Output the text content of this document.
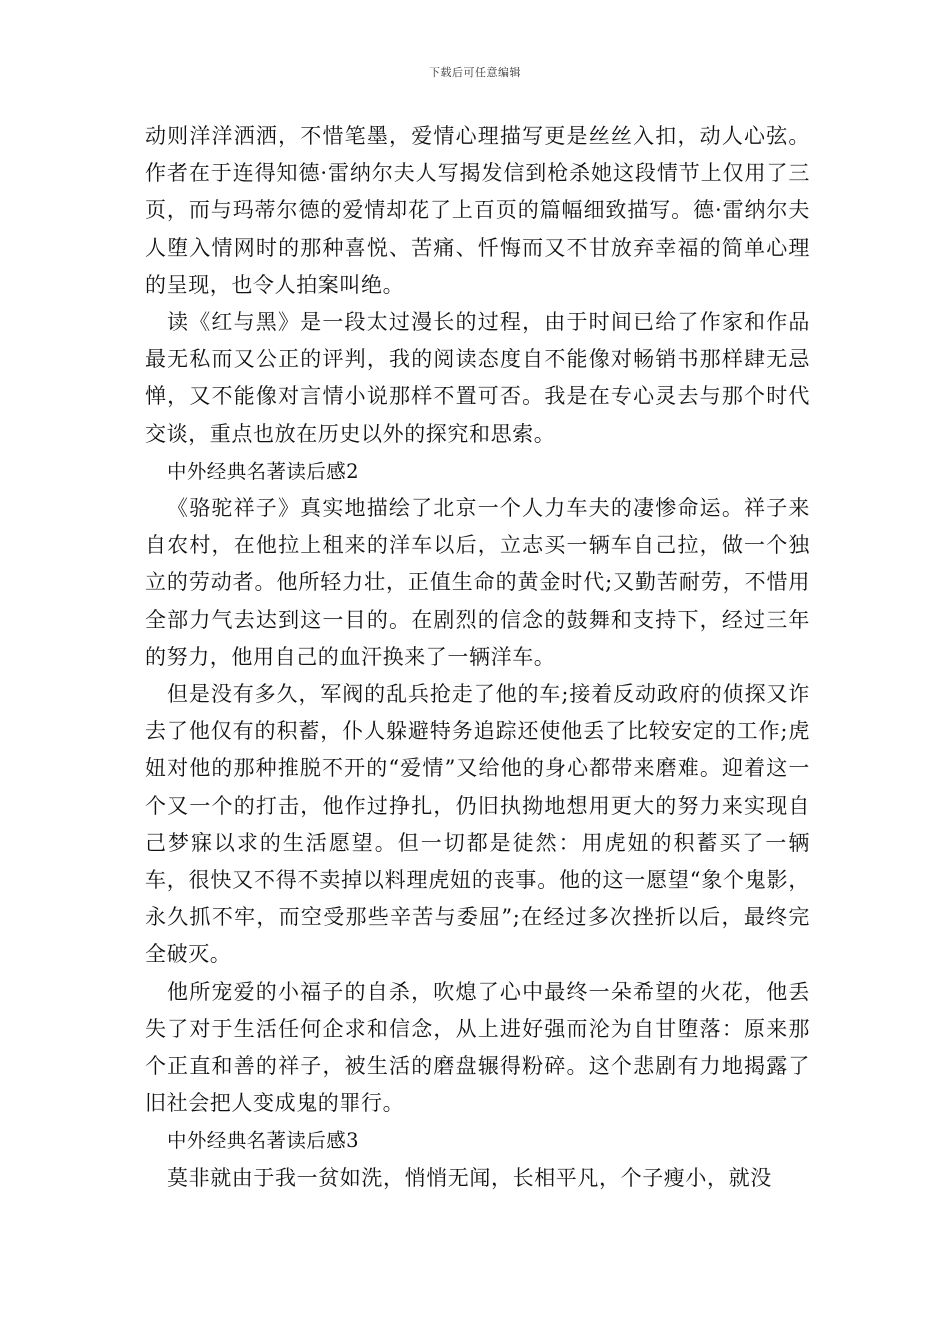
下载后可任意编辑

动则洋洋洒洒，不惜笔墨，爱情心理描写更是丝丝入扣，动人心弦。作者在于连得知德·雷纳尔夫人写揭发信到枪杀她这段情节上仅用了三页，而与玛蒂尔德的爱情却花了上百页的篇幅细致描写。德·雷纳尔夫人堕入情网时的那种喜悦、苦痛、忏悔而又不甘放弃幸福的简单心理的呈现，也令人拍案叫绝。

读《红与黑》是一段太过漫长的过程，由于时间已给了作家和作品最无私而又公正的评判，我的阅读态度自不能像对畅销书那样肆无忌惮，又不能像对言情小说那样不置可否。我是在专心灵去与那个时代交谈，重点也放在历史以外的探究和思索。

中外经典名著读后感2

《骆驼祥子》真实地描绘了北京一个人力车夫的凄惨命运。祥子来自农村，在他拉上租来的洋车以后，立志买一辆车自己拉，做一个独立的劳动者。他所轻力壮，正值生命的黄金时代;又勤苦耐劳，不惜用全部力气去达到这一目的。在剧烈的信念的鼓舞和支持下，经过三年的努力，他用自己的血汗换来了一辆洋车。

但是没有多久，军阀的乱兵抢走了他的车;接着反动政府的侦探又诈去了他仅有的积蓄，仆人躲避特务追踪还使他丢了比较安定的工作;虎妞对他的那种推脱不开的“爱情”又给他的身心都带来磨难。迎着这一个又一个的打击，他作过挣扎，仍旧执拗地想用更大的努力来实现自己梦寐以求的生活愿望。但一切都是徒然：用虎妞的积蓄买了一辆车，很快又不得不卖掉以料理虎妞的丧事。他的这一愿望“象个鬼影，永久抓不牢，而空受那些辛苦与委屈”;在经过多次挫折以后，最终完全破灭。

他所宠爱的小福子的自杀，吹熄了心中最终一朵希望的火花，他丢失了对于生活任何企求和信念，从上进好强而沦为自甘堕落：原来那个正直和善的祥子，被生活的磨盘辗得粉碎。这个悲剧有力地揭露了旧社会把人变成鬼的罪行。

中外经典名著读后感3

莫非就由于我一贫如洗，悄悄无闻，长相平凡，个子瘦小，就没
